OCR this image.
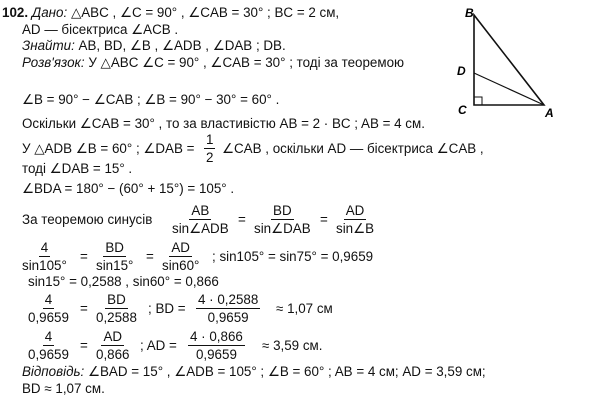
102. Дано: △ABC , ∠C = 90° , ∠CAB = 30° ; BC = 2 см,
AD — бісектриса ∠ACB .
Знайти: AB, BD, ∠B , ∠ADB , ∠DAB ; DB.
Розв'язок: У △ABC ∠C = 90° , ∠CAB = 30° ; тоді за теоремою
∠B = 90° − ∠CAB ; ∠B = 90° − 30° = 60° .
Оскільки ∠CAB = 30° , то за властивістю AB = 2 · BC ; AB = 4 см.
У △ADB ∠B = 60° ; ∠DAB = $\frac{1}{2}$ ∠CAB , оскільки AD — бісектриса ∠CAB ,
тоді ∠DAB = 15° .
∠BDA = 180° − (60° + 15°) = 105° .
За теоремою синусів
AB
sin∠ADB
=
BD
sin∠DAB
= $\frac{AD}{\sin\angle B}$
$\frac{4}{\sin 105^\circ} = \frac{BD}{\sin 15^\circ} = \frac{AD}{\sin 60^\circ}$ ; sin105° = sin75° = 0,9659
sin15° = 0,2588 , sin60° = 0,866
$\frac{4}{0,9659} = \frac{BD}{0,2588}$ ; BD = $\frac{4 \cdot 0,2588}{0,9659} \approx 1,07$ см
$\frac{4}{0,9659} = \frac{AD}{0,866}$ ; AD = $\frac{4 \cdot 0,866}{0,9659} \approx 3,59$ см.
Відповідь: ∠BAD = 15° , ∠ADB = 105° ; ∠B = 60° ; AB = 4 см; AD = 3,59 см;
BD ≈ 1,07 см.
B
D
C	A
